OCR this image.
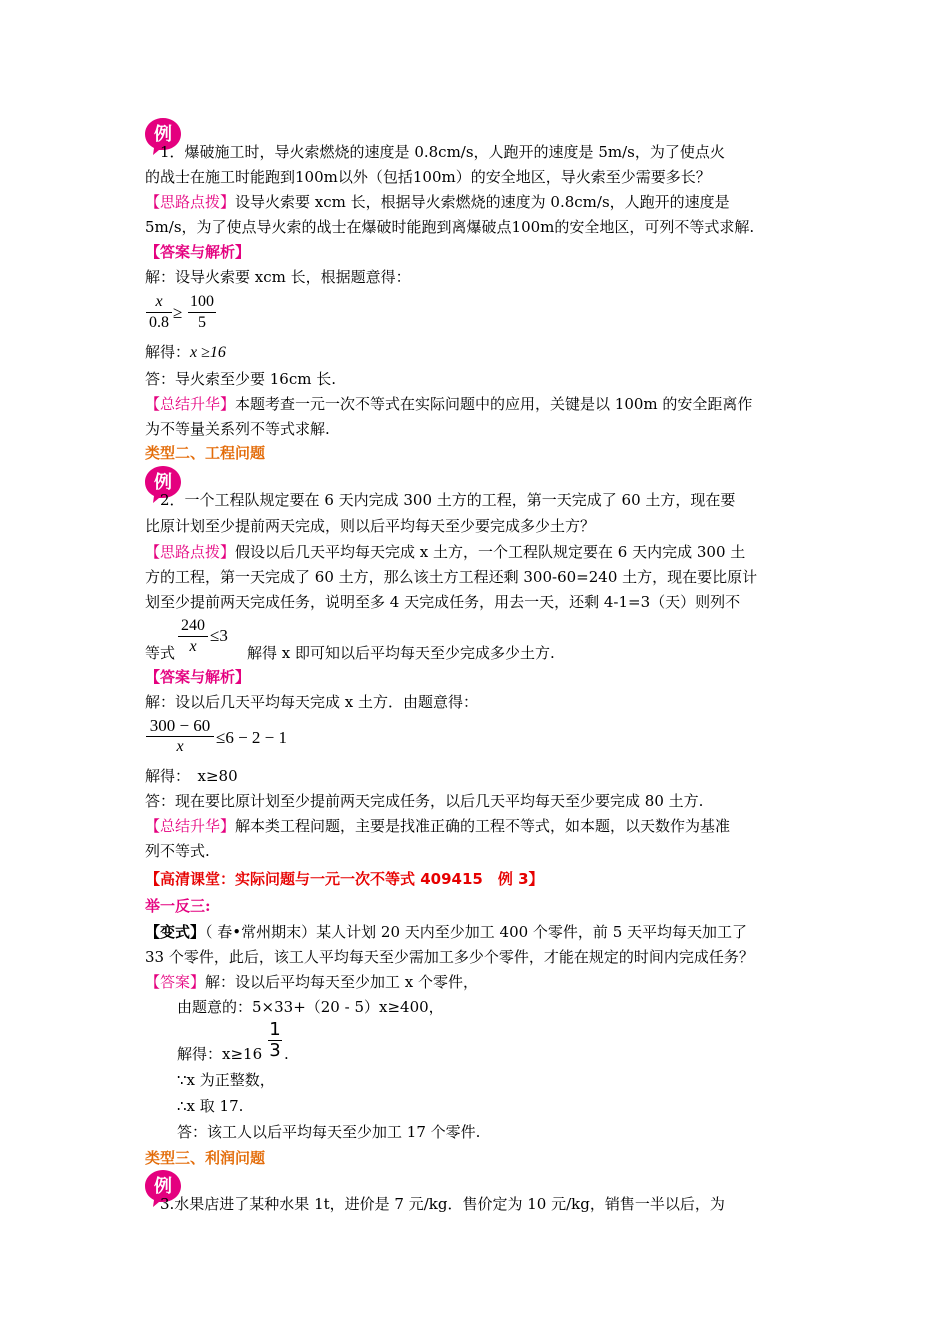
例
　1．爆破施工时，导火索燃烧的速度是 0.8cm/s，人跑开的速度是 5m/s，为了使点火
的战士在施工时能跑到100m以外（包括100m）的安全地区，导火索至少需要多长？
【思路点拨】设导火索要 xcm 长，根据导火索燃烧的速度为 0.8cm/s，人跑开的速度是
5m/s，为了使点导火索的战士在爆破时能跑到离爆破点100m的安全地区，可列不等式求解.
【答案与解析】
解：设导火索要 xcm 长，根据题意得：
x
0.8
≥
100
5
解得：x ≥16
答：导火索至少要 16cm 长.
【总结升华】本题考查一元一次不等式在实际问题中的应用，关键是以 100m 的安全距离作
为不等量关系列不等式求解.
类型二、工程问题
例
　2．一个工程队规定要在 6 天内完成 300 土方的工程，第一天完成了 60 土方，现在要
比原计划至少提前两天完成，则以后平均每天至少要完成多少土方？
【思路点拨】假设以后几天平均每天完成 x 土方，一个工程队规定要在 6 天内完成 300 土
方的工程，第一天完成了 60 土方，那么该土方工程还剩 300-60=240 土方，现在要比原计
划至少提前两天完成任务，说明至多 4 天完成任务，用去一天，还剩 4-1=3（天）则列不
等式
240
x
≤3
解得 x 即可知以后平均每天至少完成多少土方.
【答案与解析】
解：设以后几天平均每天完成 x 土方．由题意得：
300 − 60
x	≤6 − 2 − 1
解得：　x≥80
答：现在要比原计划至少提前两天完成任务，以后几天平均每天至少要完成 80 土方.
【总结升华】解本类工程问题，主要是找准正确的工程不等式，如本题，以天数作为基准
列不等式.
【高清课堂：实际问题与一元一次不等式 409415　例 3】
举一反三:
【变式】（ 春•常州期末）某人计划 20 天内至少加工 400 个零件，前 5 天平均每天加工了
33 个零件，此后，该工人平均每天至少需加工多少个零件，才能在规定的时间内完成任务？
【答案】解：设以后平均每天至少加工 x 个零件，
由题意的：5×33+（20 - 5）x≥400，
解得：x≥16
1
3 .
∵x 为正整数，
∴x 取 17.
答：该工人以后平均每天至少加工 17 个零件.
类型三、利润问题
例
　3.水果店进了某种水果 1t，进价是 7 元/kg．售价定为 10 元/kg，销售一半以后，为
